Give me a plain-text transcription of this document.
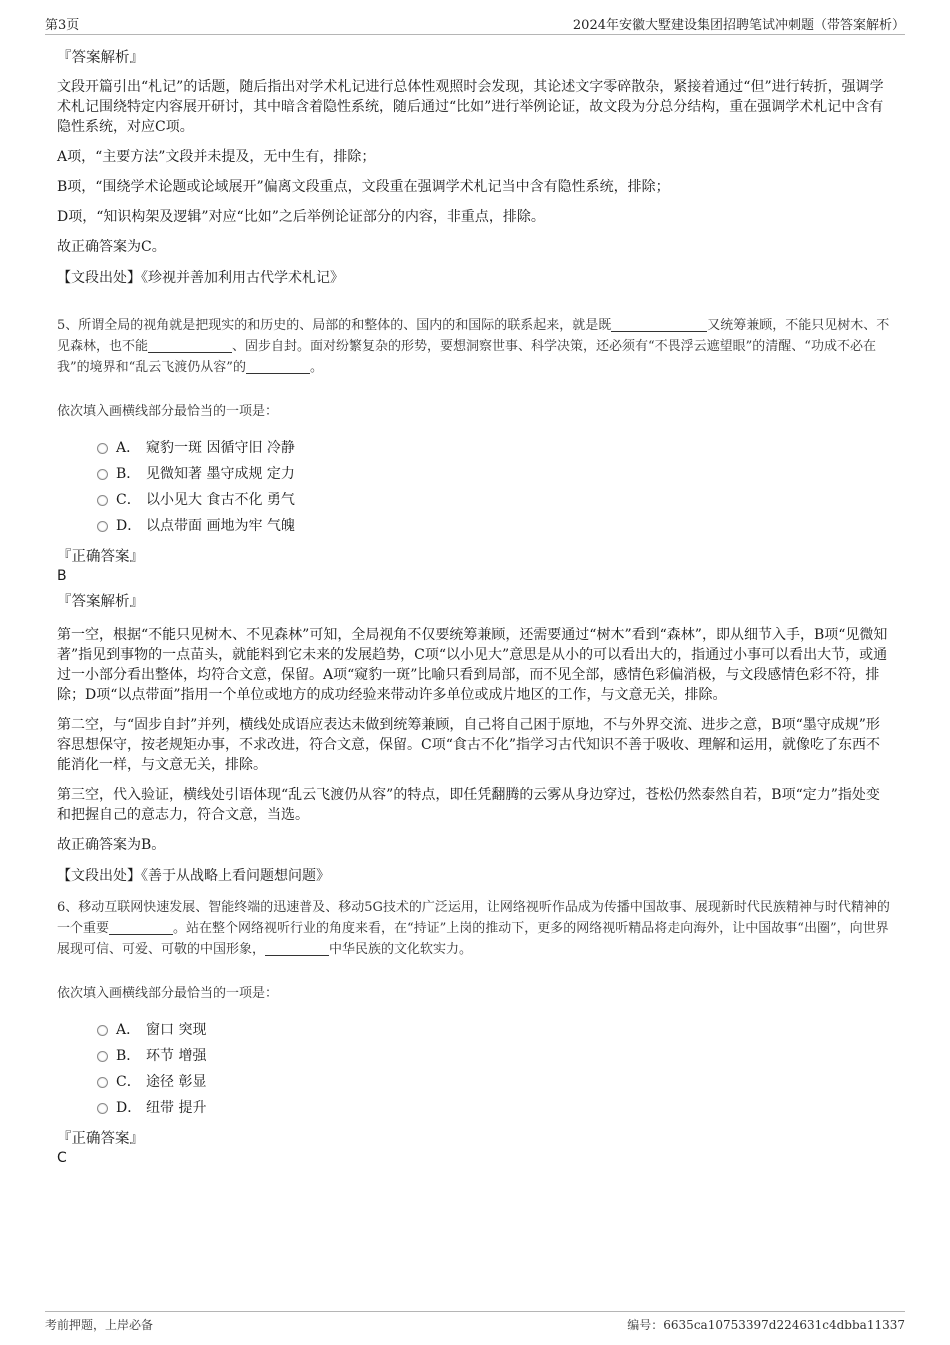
第3页	2024年安徽大墅建设集团招聘笔试冲刺题（带答案解析）
『答案解析』

文段开篇引出“札记”的话题，随后指出对学术札记进行总体性观照时会发现，其论述文字零碎散杂，紧接着通过“但”进行转折，强调学术札记围绕特定内容展开研讨，其中暗含着隐性系统，随后通过“比如”进行举例论证，故文段为分总分结构，重在强调学术札记中含有隐性系统，对应C项。

A项，“主要方法”文段并未提及，无中生有，排除；

B项，“围绕学术论题或论域展开”偏离文段重点，文段重在强调学术札记当中含有隐性系统，排除；

D项，“知识构架及逻辑”对应“比如”之后举例论证部分的内容，非重点，排除。

故正确答案为C。

【文段出处】《珍视并善加利用古代学术札记》
5、所谓全局的视角就是把现实的和历史的、局部的和整体的、国内的和国际的联系起来，就是既	又统筹兼顾，不能只见树木、不见森林，也不能	、固步自封。面对纷繁复杂的形势，要想洞察世事、科学决策，还必须有“不畏浮云遮望眼”的清醒、“功成不必在我”的境界和“乱云飞渡仍从容”的	。
依次填入画横线部分最恰当的一项是：
A． 窥豹一斑 因循守旧 冷静
B． 见微知著 墨守成规 定力
C． 以小见大 食古不化 勇气
D． 以点带面 画地为牢 气魄
『正确答案』
B
『答案解析』

第一空，根据“不能只见树木、不见森林”可知，全局视角不仅要统筹兼顾，还需要通过“树木”看到“森林”，即从细节入手，B项“见微知著”指见到事物的一点苗头，就能料到它未来的发展趋势，C项“以小见大”意思是从小的可以看出大的，指通过小事可以看出大节，或通过一小部分看出整体，均符合文意，保留。A项“窥豹一斑”比喻只看到局部，而不见全部，感情色彩偏消极，与文段感情色彩不符，排除；D项“以点带面”指用一个单位或地方的成功经验来带动许多单位或成片地区的工作，与文意无关，排除。

第二空，与“固步自封”并列，横线处成语应表达未做到统筹兼顾，自己将自己困于原地，不与外界交流、进步之意，B项“墨守成规”形容思想保守，按老规矩办事，不求改进，符合文意，保留。C项“食古不化”指学习古代知识不善于吸收、理解和运用，就像吃了东西不能消化一样，与文意无关，排除。

第三空，代入验证，横线处引语体现“乱云飞渡仍从容”的特点，即任凭翻腾的云雾从身边穿过，苍松仍然泰然自若，B项“定力”指处变和把握自己的意志力，符合文意，当选。

故正确答案为B。

【文段出处】《善于从战略上看问题想问题》
6、移动互联网快速发展、智能终端的迅速普及、移动5G技术的广泛运用，让网络视听作品成为传播中国故事、展现新时代民族精神与时代精神的一个重要	。站在整个网络视听行业的角度来看，在“持证”上岗的推动下，更多的网络视听精品将走向海外，让中国故事“出圈”，向世界展现可信、可爱、可敬的中国形象，	中华民族的文化软实力。
依次填入画横线部分最恰当的一项是：
A． 窗口 突现
B． 环节 增强
C． 途径 彰显
D． 纽带 提升
『正确答案』
C
考前押题，上岸必备	编号：6635ca10753397d224631c4dbba11337
